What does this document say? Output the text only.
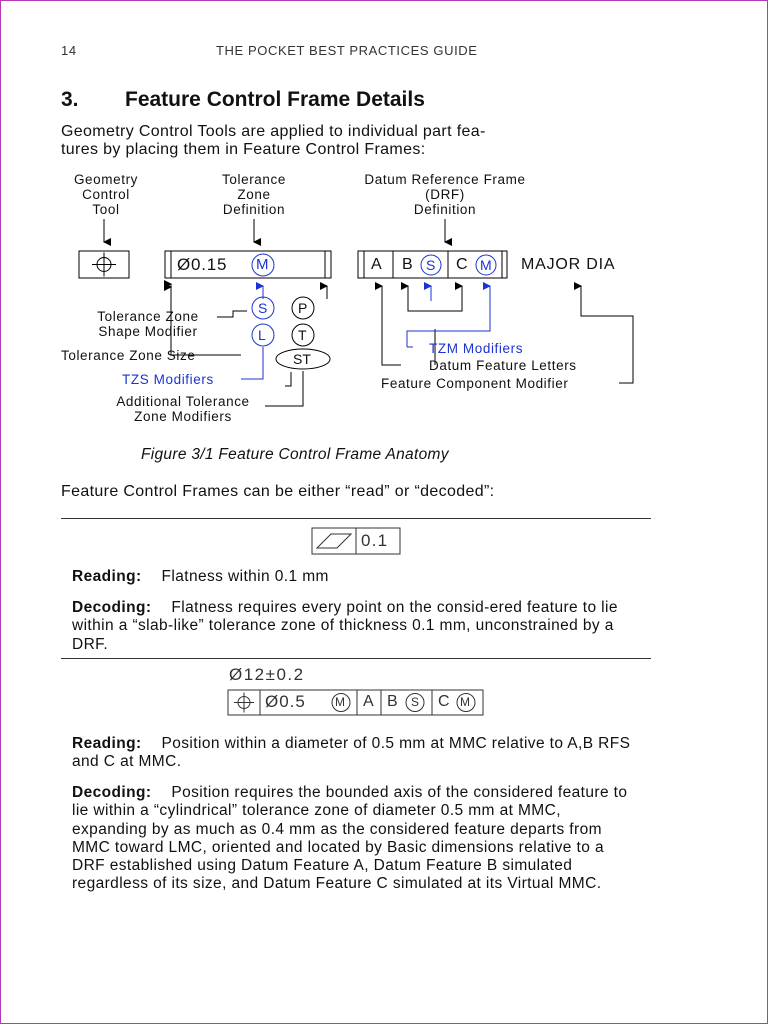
14	THE POCKET BEST PRACTICES GUIDE
3. Feature Control Frame Details
Geometry Control Tools are applied to individual part fea-
tures by placing them in Feature Control Frames:
Geometry
Control
Tool
Tolerance
Zone
Definition
Datum Reference Frame
(DRF)
Definition
Ø0.15 M	A B S C M MAJOR DIA
S P
L T
ST
Tolerance Zone
Shape Modifier
Tolerance Zone Size
TZS Modifiers
Additional Tolerance
Zone Modifiers
TZM Modifiers
Datum Feature Letters
Feature Component Modifier
Figure 3/1 Feature Control Frame Anatomy
Feature Control Frames can be either “read” or “decoded”:
0.1
Reading: Flatness within 0.1 mm
Decoding: Flatness requires every point on the consid-ered feature to lie within a “slab-like” tolerance zone of thickness 0.1 mm, unconstrained by a DRF.
Ø12±0.2
Ø0.5 M A B S C M
Reading: Position within a diameter of 0.5 mm at MMC relative to A,B RFS and C at MMC.
Decoding: Position requires the bounded axis of the considered feature to lie within a “cylindrical” tolerance zone of diameter 0.5 mm at MMC, expanding by as much as 0.4 mm as the considered feature departs from MMC toward LMC, oriented and located by Basic dimensions relative to a DRF established using Datum Feature A, Datum Feature B simulated regardless of its size, and Datum Feature C simulated at its Virtual MMC.
